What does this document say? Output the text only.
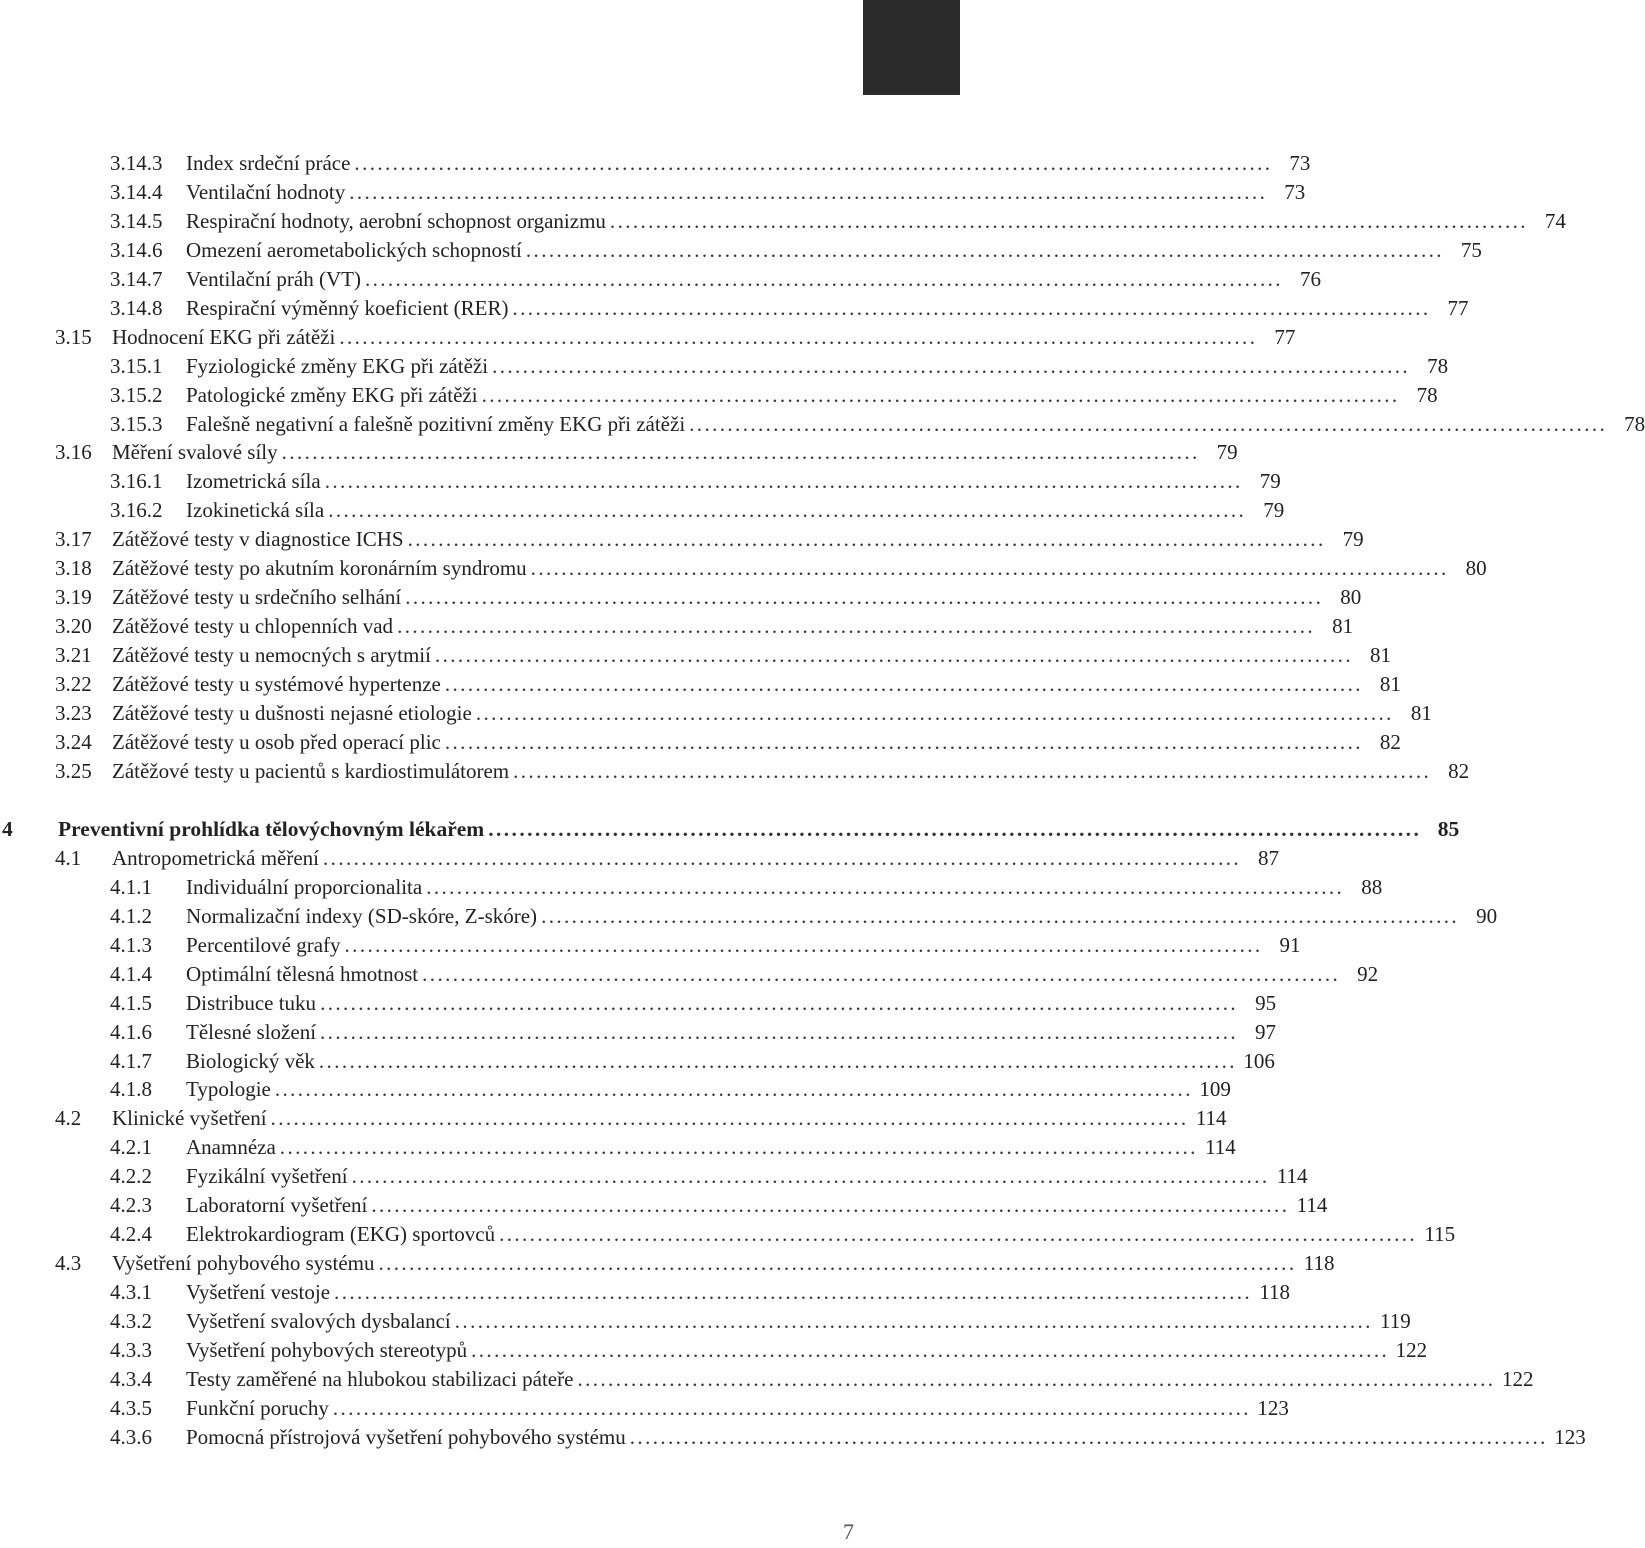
3.14.3 Index srdeční práce ........................................................................................................................ 73
3.14.4 Ventilační hodnoty ........................................................................................................................ 73
3.14.5 Respirační hodnoty, aerobní schopnost organizmu ........................................................................................................................ 74
3.14.6 Omezení aerometabolických schopností ........................................................................................................................ 75
3.14.7 Ventilační práh (VT) ........................................................................................................................ 76
3.14.8 Respirační výměnný koeficient (RER) ........................................................................................................................ 77
3.15 Hodnocení EKG při zátěži ........................................................................................................................ 77
3.15.1 Fyziologické změny EKG při zátěži ........................................................................................................................ 78
3.15.2 Patologické změny EKG při zátěži ........................................................................................................................ 78
3.15.3 Falešně negativní a falešně pozitivní změny EKG při zátěži ........................................................................................................................ 78
3.16 Měření svalové síly ........................................................................................................................ 79
3.16.1 Izometrická síla ........................................................................................................................ 79
3.16.2 Izokinetická síla ........................................................................................................................ 79
3.17 Zátěžové testy v diagnostice ICHS ........................................................................................................................ 79
3.18 Zátěžové testy po akutním koronárním syndromu ........................................................................................................................ 80
3.19 Zátěžové testy u srdečního selhání ........................................................................................................................ 80
3.20 Zátěžové testy u chlopenních vad ........................................................................................................................ 81
3.21 Zátěžové testy u nemocných s arytmií ........................................................................................................................ 81
3.22 Zátěžové testy u systémové hypertenze ........................................................................................................................ 81
3.23 Zátěžové testy u dušnosti nejasné etiologie ........................................................................................................................ 81
3.24 Zátěžové testy u osob před operací plic ........................................................................................................................ 82
3.25 Zátěžové testy u pacientů s kardiostimulátorem ........................................................................................................................ 82
4 Preventivní prohlídka tělovýchovným lékařem ........................................................................................................................ 85
4.1 Antropometrická měření ........................................................................................................................ 87
4.1.1 Individuální proporcionalita ........................................................................................................................ 88
4.1.2 Normalizační indexy (SD-skóre, Z-skóre) ........................................................................................................................ 90
4.1.3 Percentilové grafy ........................................................................................................................ 91
4.1.4 Optimální tělesná hmotnost ........................................................................................................................ 92
4.1.5 Distribuce tuku ........................................................................................................................ 95
4.1.6 Tělesné složení ........................................................................................................................ 97
4.1.7 Biologický věk ........................................................................................................................ 106
4.1.8 Typologie ........................................................................................................................ 109
4.2 Klinické vyšetření ........................................................................................................................ 114
4.2.1 Anamnéza ........................................................................................................................ 114
4.2.2 Fyzikální vyšetření ........................................................................................................................ 114
4.2.3 Laboratorní vyšetření ........................................................................................................................ 114
4.2.4 Elektrokardiogram (EKG) sportovců ........................................................................................................................ 115
4.3 Vyšetření pohybového systému ........................................................................................................................ 118
4.3.1 Vyšetření vestoje ........................................................................................................................ 118
4.3.2 Vyšetření svalových dysbalancí ........................................................................................................................ 119
4.3.3 Vyšetření pohybových stereotypů ........................................................................................................................ 122
4.3.4 Testy zaměřené na hlubokou stabilizaci páteře ........................................................................................................................ 122
4.3.5 Funkční poruchy ........................................................................................................................ 123
4.3.6 Pomocná přístrojová vyšetření pohybového systému ........................................................................................................................ 123
7
